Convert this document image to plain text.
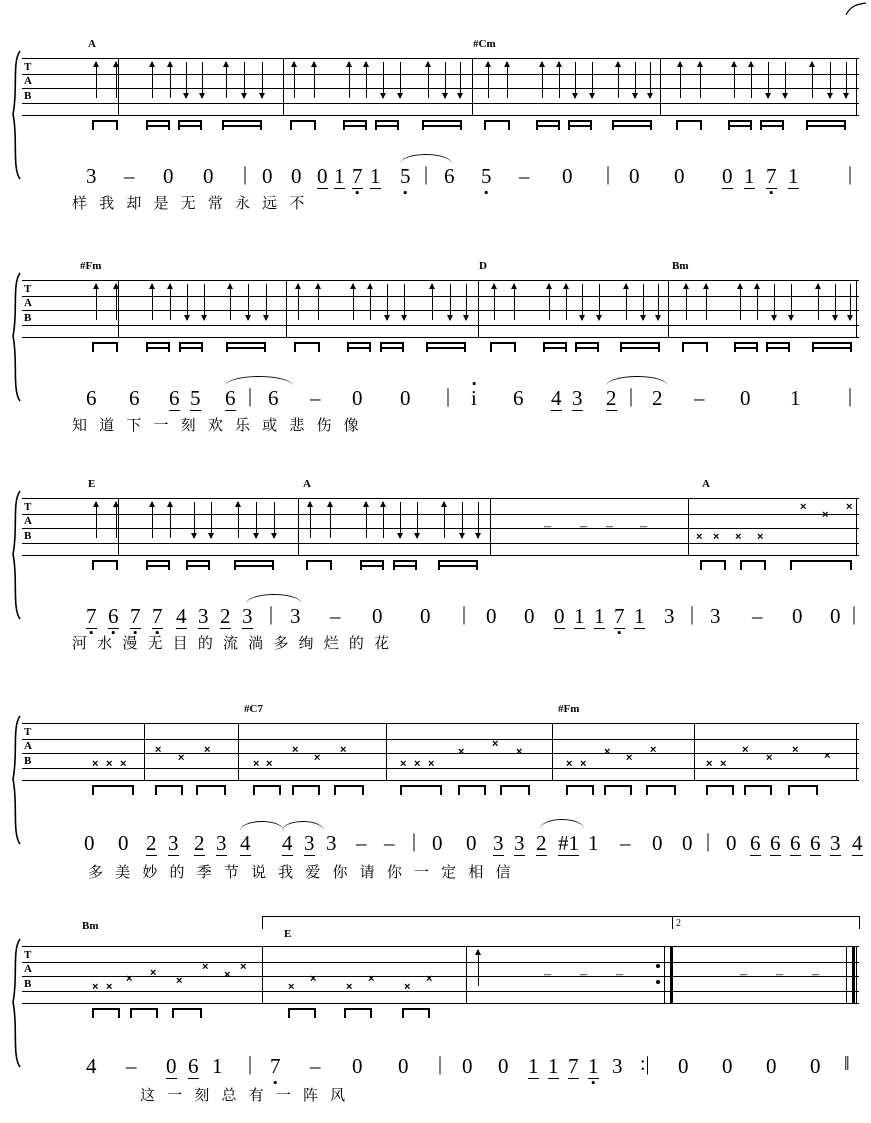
A	#Cm
T
A
B
3 – 0 0 | 0 0 0 1 7 1 5 | 6 5 – 0 | 0 0 0 1 7 1 |
样 我 却 是 无 常 永 远 不
#Fm	D	Bm
T
A
B
6 6 6 5 6 | 6 – 0 0 | i 6 4 3 2 | 2 – 0 1 |
知 道 下 一 刻 欢 乐 或 悲 伤 像
E	A	A
T
A
B
– – – –
× × × ×
×
×
×
7 6 7 7 4 3 2 3 | 3 – 0 0 | 0 0 0 1 1 7 1 3 | 3 – 0 0 |
河 水 漫 无 目 的 流 淌 多 绚 烂 的 花
#C7	#Fm
T
A
B	× × ×
×
×
×
× ×
×
×
×
× × ×
×
×
×
× ×
× ×
×
× ×
×
×
× ×
0 0 2 3 2 3 4 4 3 3 – – | 0 0 3 3 2 #1 1 – 0 0 | 0 6 6 6 6 3 4
多 美 妙 的 季 节 说 我 爱 你 请 你 一 定 相 信
Bm
E
2
T
A
B	× ×
× ×
×
×
×
×
×
×
×
×
×
×	– – –	– – –
4 – 0 6 1 | 7 – 0 0 | 0 0 1 1 7 1 3 :| 0 0 0 0 ‖
这 一 刻 总 有 一 阵 风
